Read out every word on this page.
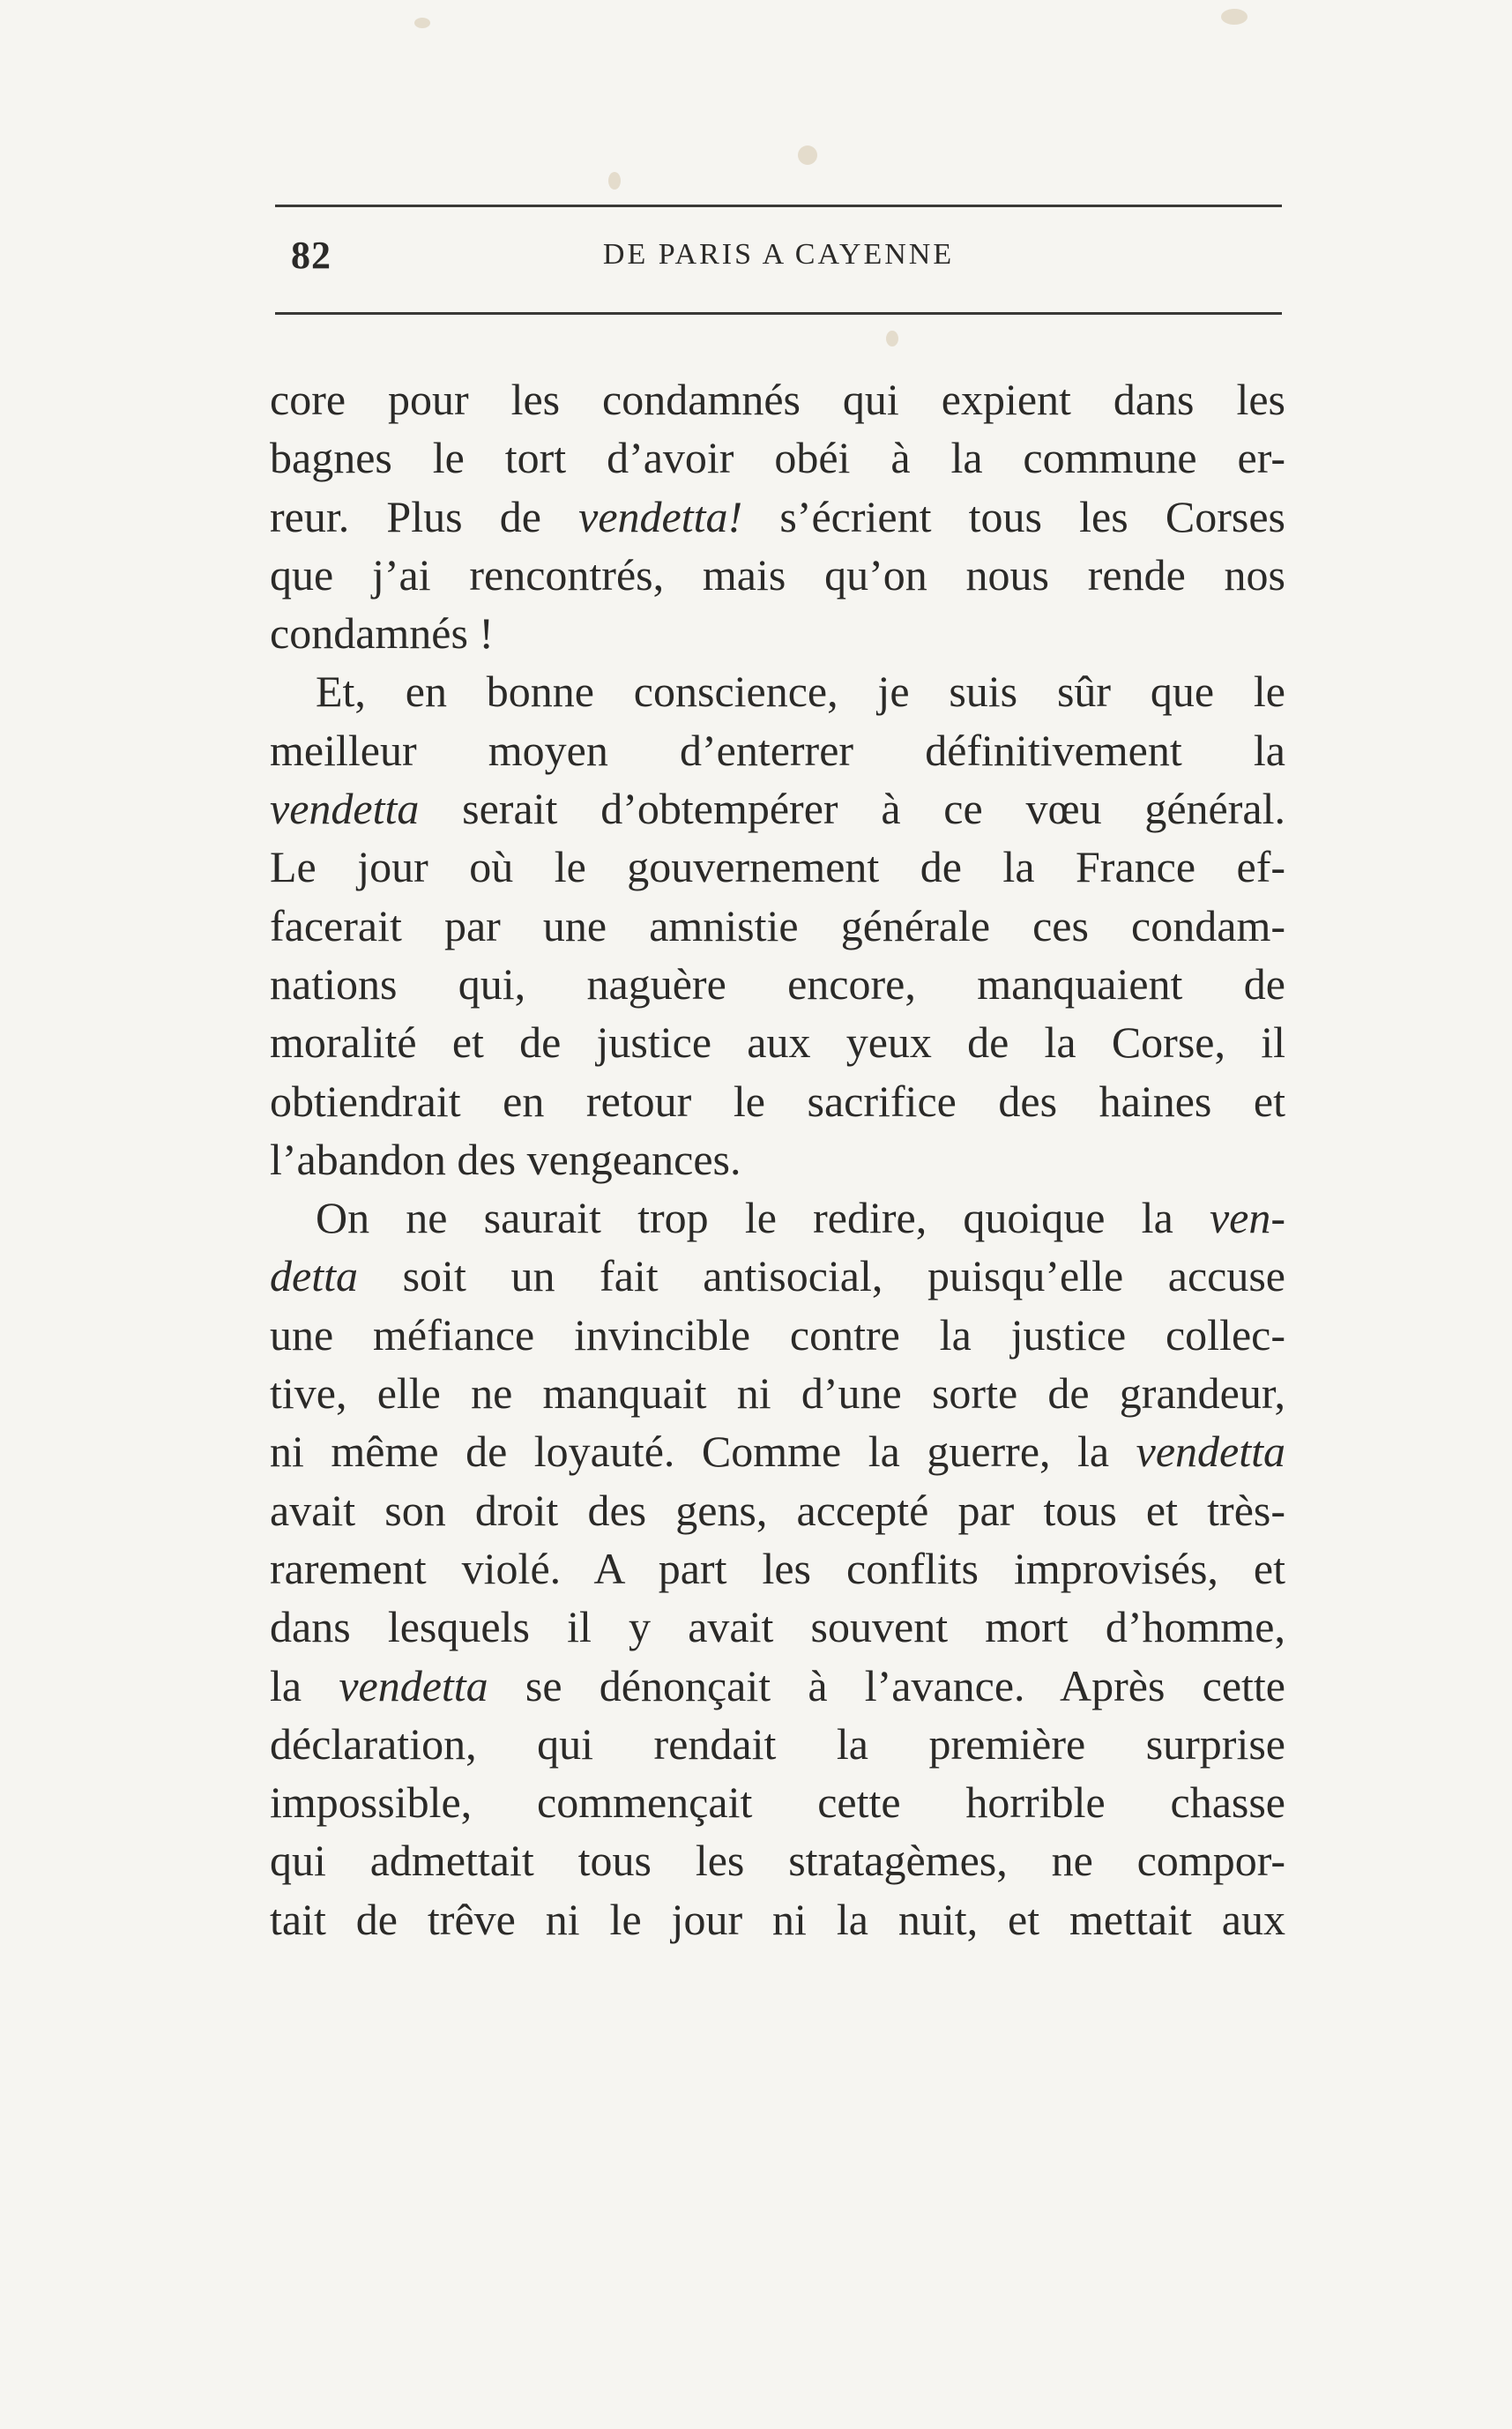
82	DE PARIS A CAYENNE
core pour les condamnés qui expient dans les
bagnes le tort d’avoir obéi à la commune er-
reur. Plus de vendetta! s’écrient tous les Corses
que j’ai rencontrés, mais qu’on nous rende nos
condamnés !
Et, en bonne conscience, je suis sûr que le
meilleur moyen d’enterrer définitivement la
vendetta serait d’obtempérer à ce vœu général.
Le jour où le gouvernement de la France ef-
facerait par une amnistie générale ces condam-
nations qui, naguère encore, manquaient de
moralité et de justice aux yeux de la Corse, il
obtiendrait en retour le sacrifice des haines et
l’abandon des vengeances.
On ne saurait trop le redire, quoique la ven-
detta soit un fait antisocial, puisqu’elle accuse
une méfiance invincible contre la justice collec-
tive, elle ne manquait ni d’une sorte de grandeur,
ni même de loyauté. Comme la guerre, la vendetta
avait son droit des gens, accepté par tous et très-
rarement violé. A part les conflits improvisés, et
dans lesquels il y avait souvent mort d’homme,
la vendetta se dénonçait à l’avance. Après cette
déclaration, qui rendait la première surprise
impossible, commençait cette horrible chasse
qui admettait tous les stratagèmes, ne compor-
tait de trêve ni le jour ni la nuit, et mettait aux
